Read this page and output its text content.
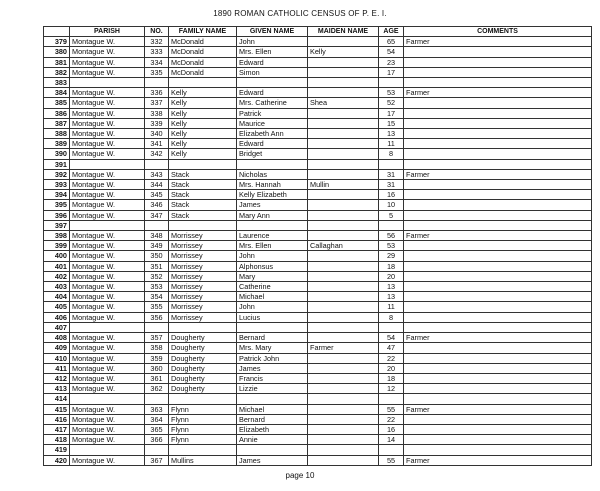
1890 ROMAN CATHOLIC CENSUS OF P. E. I.
	PARISH	NO.	FAMILY NAME	GIVEN NAME	MAIDEN NAME	AGE	COMMENTS
379	Montague W.	332	McDonald	John		65	Farmer
380	Montague W.	333	McDonald	Mrs. Ellen	Kelly	54	
381	Montague W.	334	McDonald	Edward		23	
382	Montague W.	335	McDonald	Simon		17	
383							
384	Montague W.	336	Kelly	Edward		53	Farmer
385	Montague W.	337	Kelly	Mrs. Catherine	Shea	52	
386	Montague W.	338	Kelly	Patrick		17	
387	Montague W.	339	Kelly	Maurice		15	
388	Montague W.	340	Kelly	Elizabeth Ann		13	
389	Montague W.	341	Kelly	Edward		11	
390	Montague W.	342	Kelly	Bridget		8	
391							
392	Montague W.	343	Stack	Nicholas		31	Farmer
393	Montague W.	344	Stack	Mrs. Hannah	Mullin	31	
394	Montague W.	345	Stack	Kelly Elizabeth		16	
395	Montague W.	346	Stack	James		10	
396	Montague W.	347	Stack	Mary Ann		5	
397							
398	Montague W.	348	Morrissey	Laurence		56	Farmer
399	Montague W.	349	Morrissey	Mrs. Ellen	Callaghan	53	
400	Montague W.	350	Morrissey	John		29	
401	Montague W.	351	Morrissey	Alphonsus		18	
402	Montague W.	352	Morrissey	Mary		20	
403	Montague W.	353	Morrissey	Catherine		13	
404	Montague W.	354	Morrissey	Michael		13	
405	Montague W.	355	Morrissey	John		11	
406	Montague W.	356	Morrissey	Lucius		8	
407							
408	Montague W.	357	Dougherty	Bernard		54	Farmer
409	Montague W.	358	Dougherty	Mrs. Mary	Farmer	47	
410	Montague W.	359	Dougherty	Patrick John		22	
411	Montague W.	360	Dougherty	James		20	
412	Montague W.	361	Dougherty	Francis		18	
413	Montague W.	362	Dougherty	Lizzie		12	
414							
415	Montague W.	363	Flynn	Michael		55	Farmer
416	Montague W.	364	Flynn	Bernard		22	
417	Montague W.	365	Flynn	Elizabeth		16	
418	Montague W.	366	Flynn	Annie		14	
419							
420	Montague W.	367	Mullins	James		55	Farmer
page 10
